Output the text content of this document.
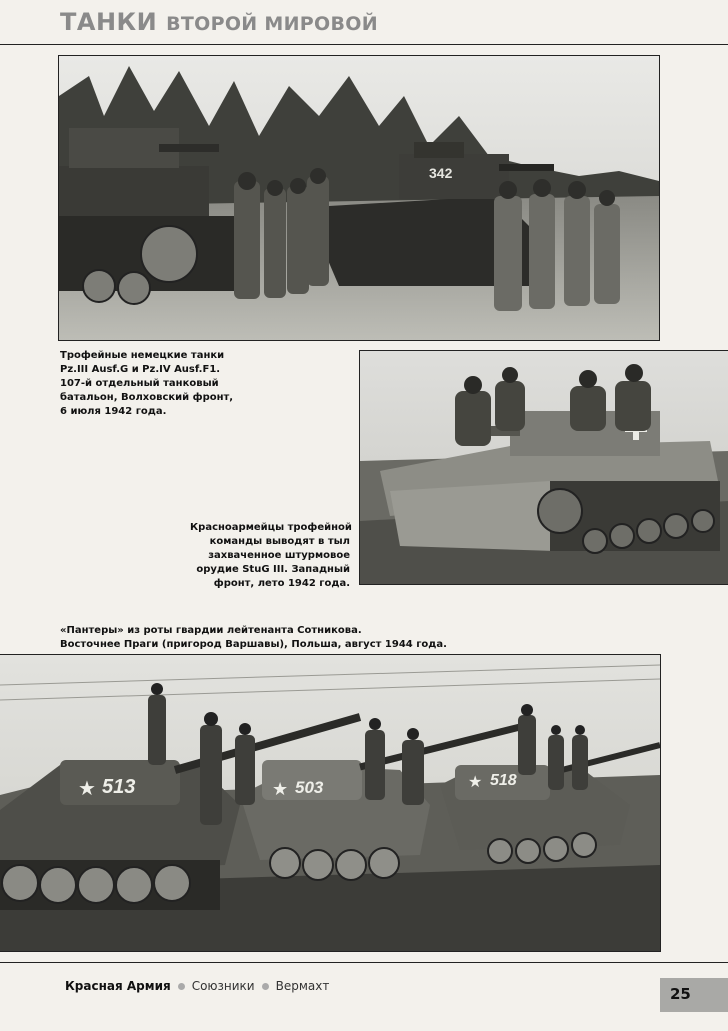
ТАНКИ ВТОРОЙ МИРОВОЙ
342
Трофейные немецкие танки
Pz.III Ausf.G и Pz.IV Ausf.F1.
107-й отдельный танковый
батальон, Волховский фронт,
6 июля 1942 года.
Красноармейцы трофейной
команды выводят в тыл
захваченное штурмовое
орудие StuG III. Западный
фронт, лето 1942 года.
«Пантеры» из роты гвардии лейтенанта Сотникова.
Восточнее Праги (пригород Варшавы), Польша, август 1944 года.
★ 513	★ 503	★ 518
Красная Армия Союзники Вермахт	25
